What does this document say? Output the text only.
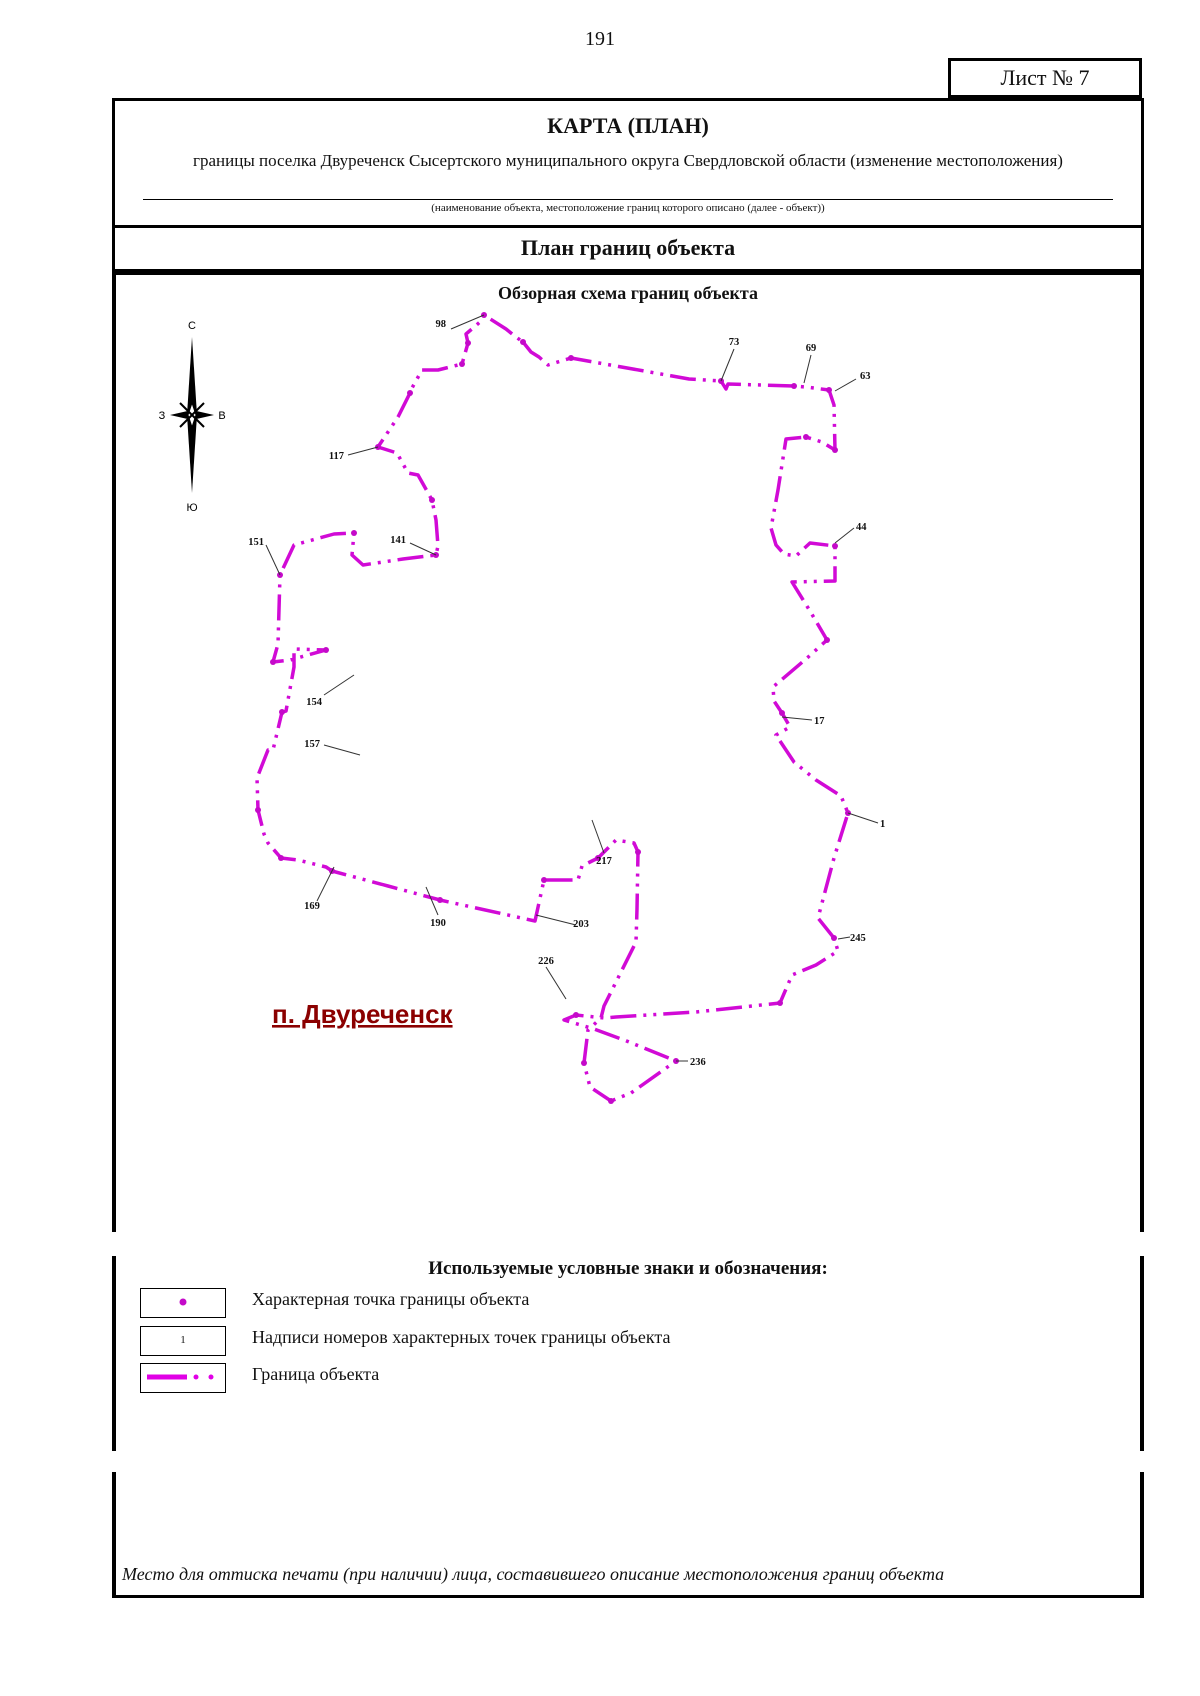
191
Лист № 7
КАРТА (ПЛАН)
границы поселка Двуреченск Сысертского муниципального округа Свердловской области (изменение местоположения)
(наименование объекта, местоположение границ которого описано (далее - объект))
План границ объекта
Обзорная схема границ объекта
С
Ю
З	В
98
73
69
63
117
44
151	141
154
17
157
1
217
169
190	203
245
226
236
п. Двуреченск
Используемые условные знаки и обозначения:
Характерная точка границы объекта
1	Надписи номеров характерных точек границы объекта
Граница объекта
Место для оттиска печати (при наличии) лица, составившего описание местоположения границ объекта
